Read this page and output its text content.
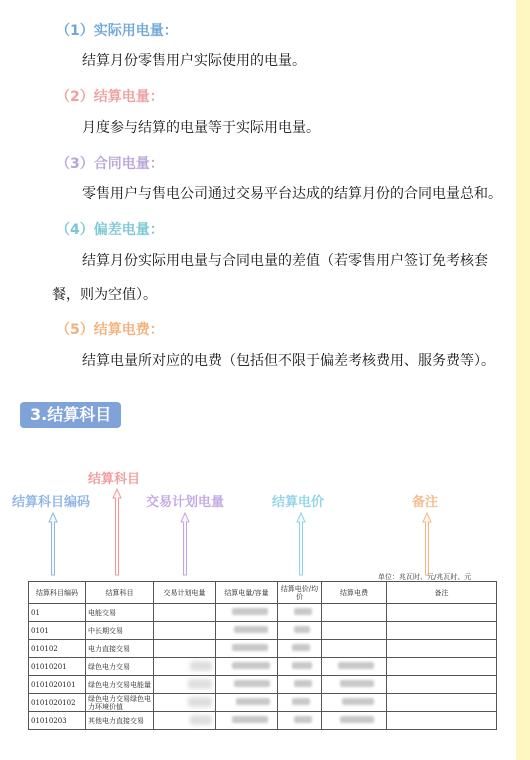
（1）实际用电量：
结算月份零售用户实际使用的电量。
（2）结算电量：
月度参与结算的电量等于实际用电量。
（3）合同电量：
零售用户与售电公司通过交易平台达成的结算月份的合同电量总和。
（4）偏差电量：
结算月份实际用电量与合同电量的差值（若零售用户签订免考核套
餐，则为空值）。
（5）结算电费：
结算电量所对应的电费（包括但不限于偏差考核费用、服务费等）。
3.结算科目
结算科目
结算科目编码	交易计划电量	结算电价	备注
单位：兆瓦时、元/兆瓦时、元
结算科目编码	结算科目	交易计划电量	结算电量/容量	结算电价/均价	结算电费	备注
01	电能交易					
0101	中长期交易					
010102	电力直接交易					
01010201	绿色电力交易					
0101020101	绿色电力交易电能量					
0101020102	绿色电力交易绿色电力环境价值					
01010203	其他电力直接交易					
